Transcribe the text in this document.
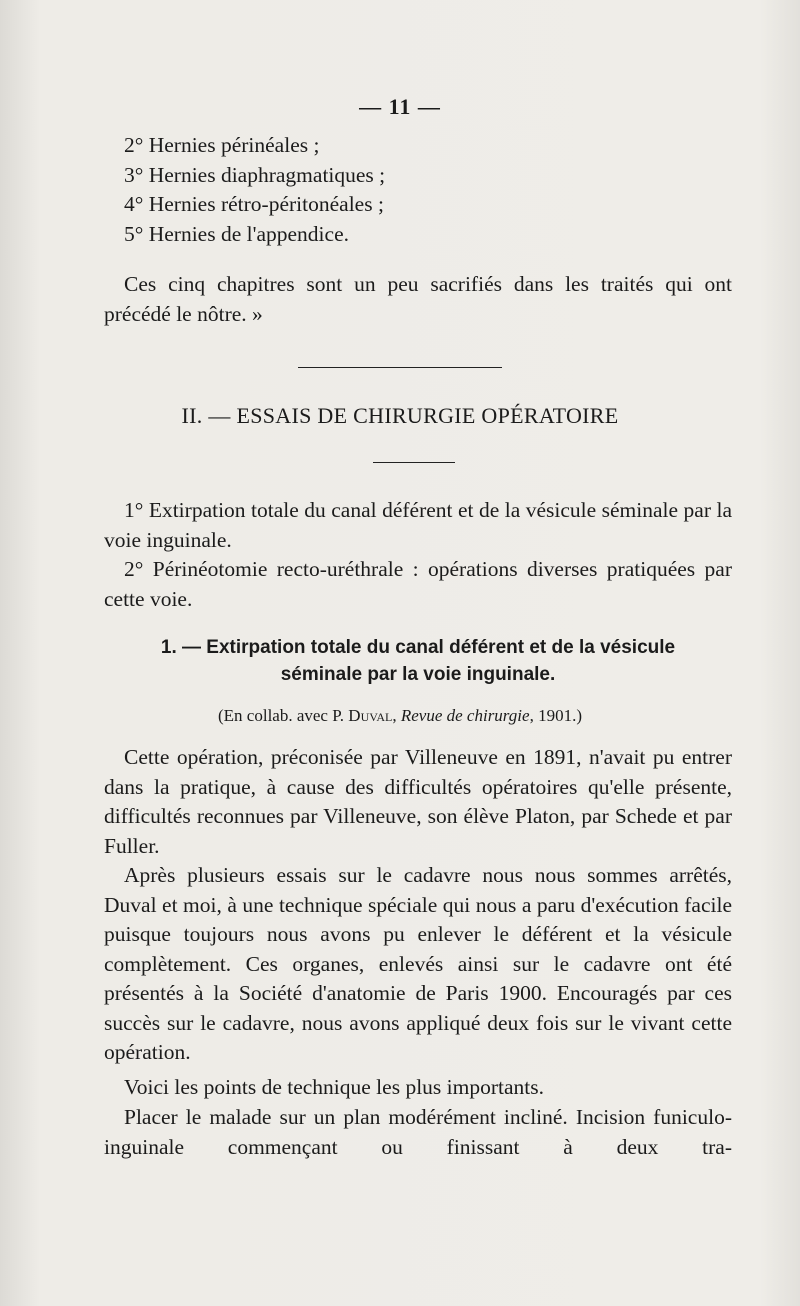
— 11 —
2° Hernies périnéales ;
3° Hernies diaphragmatiques ;
4° Hernies rétro-péritonéales ;
5° Hernies de l'appendice.
Ces cinq chapitres sont un peu sacrifiés dans les traités qui ont précédé le nôtre. »
II. — ESSAIS DE CHIRURGIE OPÉRATOIRE
1° Extirpation totale du canal déférent et de la vésicule séminale par la voie inguinale.
2° Périnéotomie recto-uréthrale : opérations diverses pratiquées par cette voie.
1. — Extirpation totale du canal déférent et de la vésicule
séminale par la voie inguinale.
(En collab. avec P. Duval, Revue de chirurgie, 1901.)
Cette opération, préconisée par Villeneuve en 1891, n'avait pu entrer dans la pratique, à cause des difficultés opératoires qu'elle présente, difficultés reconnues par Villeneuve, son élève Platon, par Schede et par Fuller.
Après plusieurs essais sur le cadavre nous nous sommes arrêtés, Duval et moi, à une technique spéciale qui nous a paru d'exécution facile puisque toujours nous avons pu enlever le déférent et la vésicule complètement. Ces organes, enlevés ainsi sur le cadavre ont été présentés à la Société d'anatomie de Paris 1900. Encouragés par ces succès sur le cadavre, nous avons appliqué deux fois sur le vivant cette opération.
Voici les points de technique les plus importants.
Placer le malade sur un plan modérément incliné. Incision funiculo-inguinale commençant ou finissant à deux tra-
